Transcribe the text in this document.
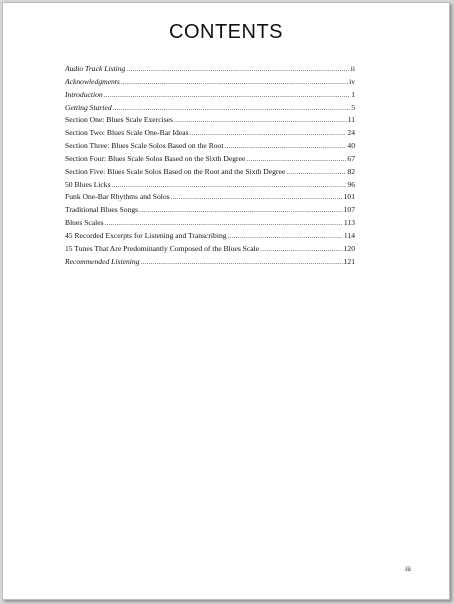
CONTENTS
Audio Track Listing .....	ii
Acknowledgments .....	iv
Introduction .....	1
Getting Started .....	5
Section One: Blues Scale Exercises .....	11
Section Two: Blues Scale One-Bar Ideas .....	24
Section Three: Blues Scale Solos Based on the Root .....	40
Section Four: Blues Scale Solos Based on the Sixth Degree .....	67
Section Five: Blues Scale Solos Based on the Root and the Sixth Degree .....	82
50 Blues Licks .....	96
Funk One-Bar Rhythms and Solos .....	101
Traditional Blues Songs .....	107
Blues Scales .....	113
45 Recorded Excerpts for Listening and Transcribing .....	114
15 Tunes That Are Predominantly Composed of the Blues Scale .....	120
Recommended Listening .....	121
iii
